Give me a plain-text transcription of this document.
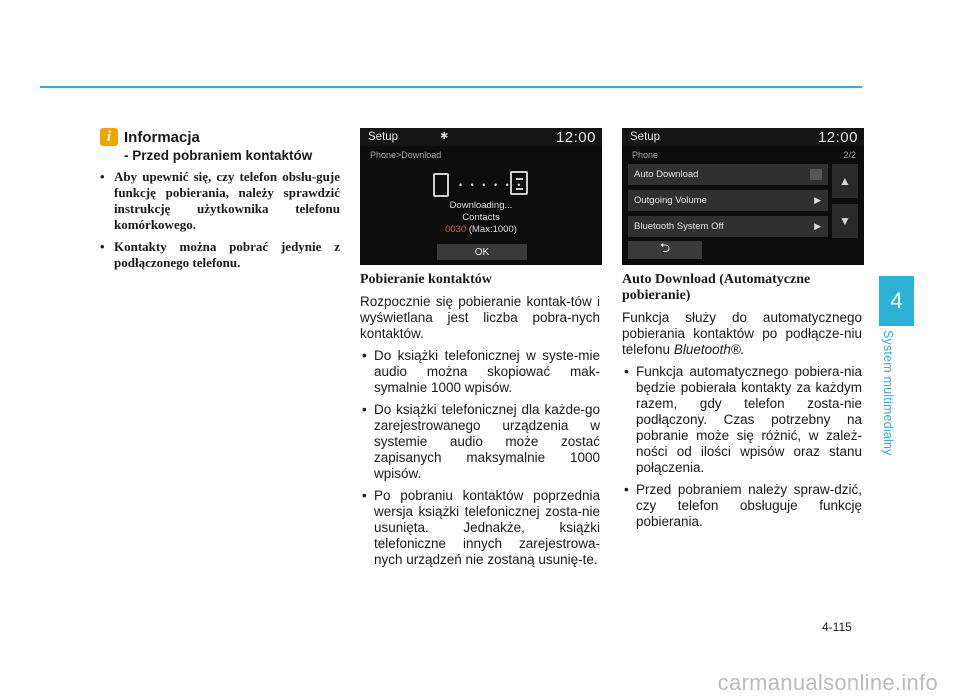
4
System multimedialny
i Informacja
- Przed pobraniem kontaktów
• Aby upewnić się, czy telefon obsłu-guje funkcję pobierania, należy sprawdzić instrukcję użytkownika telefonu komórkowego.
• Kontakty można pobrać jedynie z podłączonego telefonu.
Setup	✱	12:00
Phone>Download
• • • • • •
Downloading...
Contacts
0030 (Max:1000)
OK
Setup	12:00
Phone	2/2
Auto Download
Outgoing Volume	▶
Bluetooth System Off	▶
▲
▼
⮌
Pobieranie kontaktów

Rozpocznie się pobieranie kontak-tów i wyświetlana jest liczba pobra-nych kontaktów.

• Do książki telefonicznej w syste-mie audio można skopiować mak-symalnie 1000 wpisów.
• Do książki telefonicznej dla każde-go zarejestrowanego urządzenia w systemie audio może zostać zapisanych maksymalnie 1000 wpisów.
• Po pobraniu kontaktów poprzednia wersja książki telefonicznej zosta-nie usunięta. Jednakże, książki telefoniczne innych zarejestrowa-nych urządzeń nie zostaną usunię-te.
Auto Download (Automatyczne pobieranie)

Funkcja służy do automatycznego pobierania kontaktów po podłącze-niu telefonu Bluetooth®.

• Funkcja automatycznego pobiera-nia będzie pobierała kontakty za każdym razem, gdy telefon zosta-nie podłączony. Czas potrzebny na pobranie może się różnić, w zależ-ności od ilości wpisów oraz stanu połączenia.
• Przed pobraniem należy spraw-dzić, czy telefon obsługuje funkcję pobierania.
4-115
carmanualsonline.info
